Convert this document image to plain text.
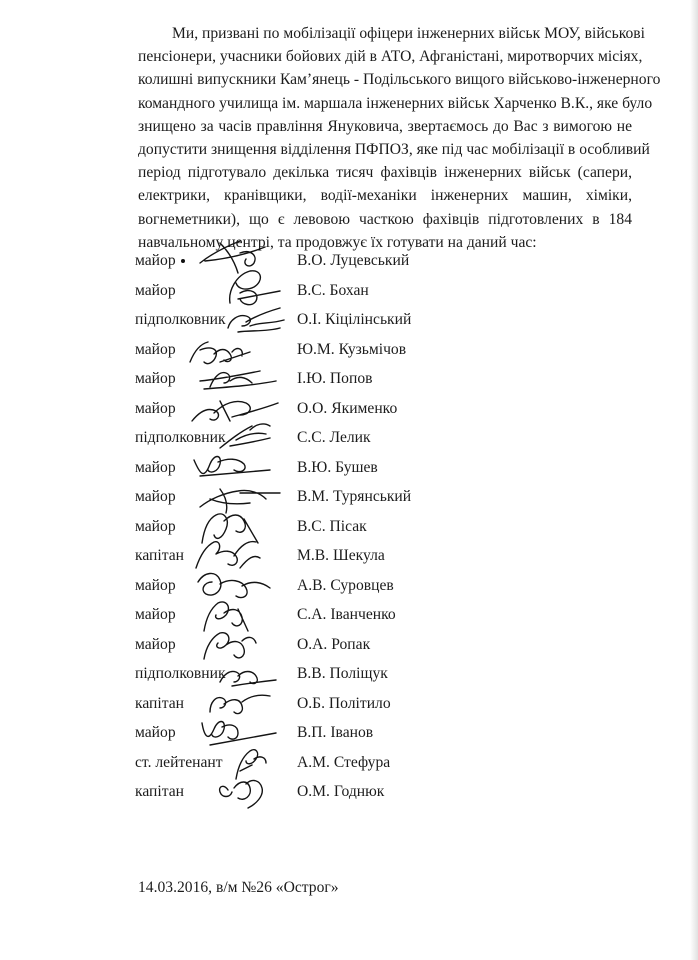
Ми, призвані по мобілізації офіцери інженерних військ МОУ, військові
пенсіонери, учасники бойових дій в АТО, Афганістані, миротворчих місіях,
колишні випускники Кам’янець - Подільського вищого військово-інженерного
командного училища ім. маршала інженерних військ Харченко В.К., яке було
знищено за часів правління Януковича, звертаємось до Вас з вимогою не
допустити знищення відділення ПФПОЗ, яке під час мобілізації в особливий
період підготувало декілька тисяч фахівців інженерних військ (сапери,
електрики, кранівщики, водії-механіки інженерних машин, хіміки,
вогнеметники), що є левовою часткою фахівців підготовлених в 184
навчальному центрі, та продовжує їх готувати на даний час:

майор	В.О. Луцевський
майор	В.С. Бохан
підполковник	О.І. Кіцілінський
майор	Ю.М. Кузьмічов
майор	І.Ю. Попов
майор	О.О. Якименко
підполковник	С.С. Лелик
майор	В.Ю. Бушев
майор	В.М. Турянський
майор	В.С. Пісак
капітан	М.В. Шекула
майор	А.В. Суровцев
майор	С.А. Іванченко
майор	О.А. Ропак
підполковник	В.В. Поліщук
капітан	О.Б. Політило
майор	В.П. Іванов
ст. лейтенант	А.М. Стефура
капітан	О.М. Годнюк
14.03.2016, в/м №26 «Острог»
